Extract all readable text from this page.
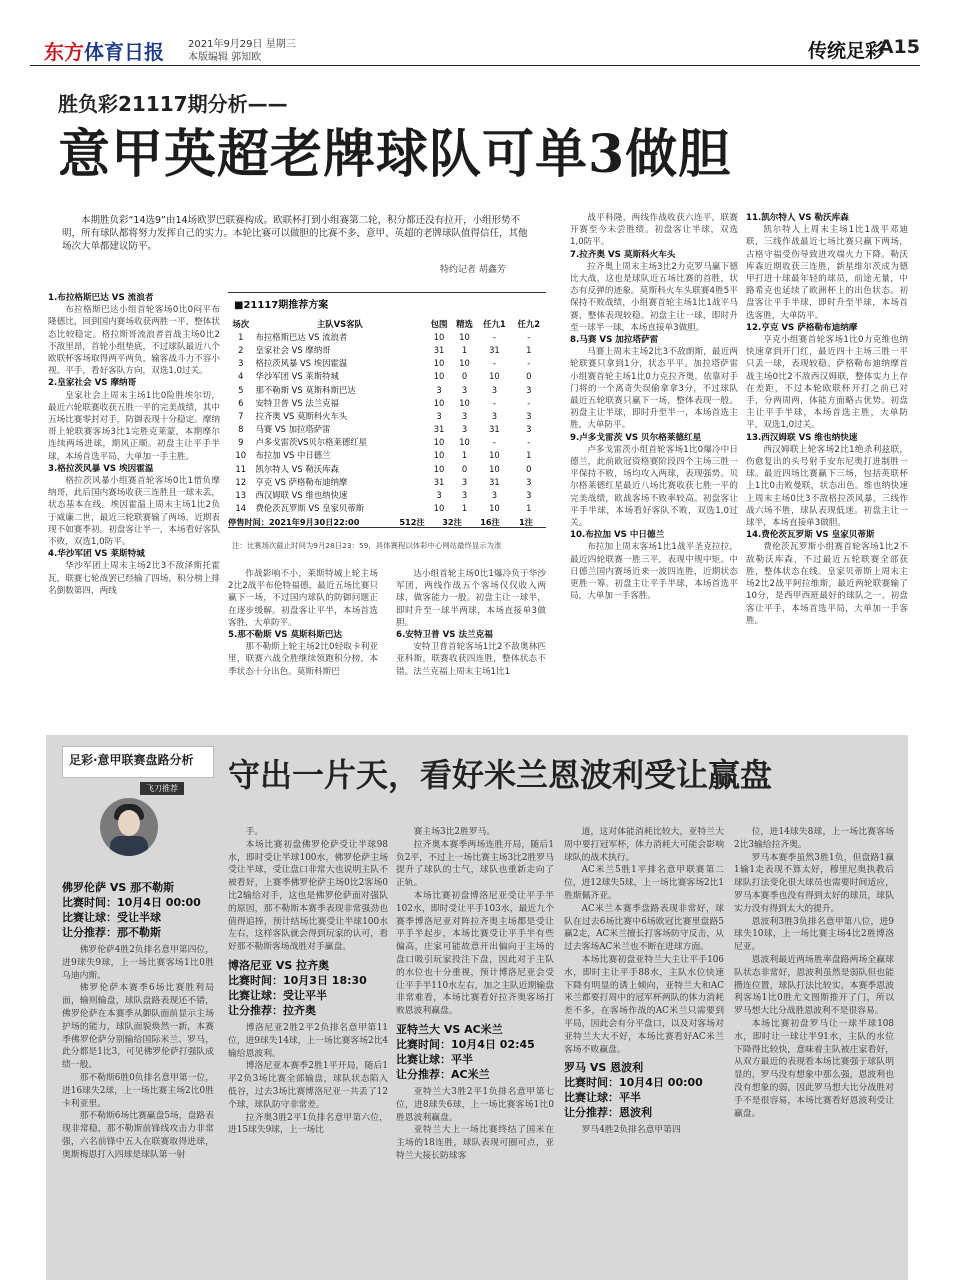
东方体育日报 2021年9月29日 星期三
本版编辑 郭知欧	传统足彩
A15
胜负彩21117期分析——
意甲英超老牌球队可单3做胆
本期胜负彩“14选9”由14场欧罗巴联赛构成。欧联杯打到小组赛第二轮，积分都还没有拉开，小组形势不明，所有球队都将努力发挥自己的实力。本轮比赛可以做胆的比赛不多，意甲、英超的老牌球队值得信任，其他场次大单都建议防平。
特约记者 胡鑫芳
1.布拉格斯巴达 VS 流浪者

布拉格斯巴达小组首轮客场0比0闷平布隆德比，回到国内赛场收获两胜一平，整体状态比较稳定。格拉斯哥流浪者首战主场0比2不敌里昂，首轮小组垫底，不过球队最近八个欧联杯客场取得两平两负，输客战斗力不容小视。平手，看好客队方向，双选1,0过关。

2.皇家社会 VS 摩纳哥

皇家社会上周末主场1比0险胜埃尔切，最近六轮联赛收获五胜一平的完美战绩，其中五场比赛零封对手，防御表现十分稳定。摩纳哥上轮联赛客场3比1完胜克莱蒙，本期摩尔连续两场进球，期风正顺。初盘主让平手半球，本场首选平局，大单加一手主胜。

3.格拉茨风暴 VS 埃因霍温

格拉茨风暴小组赛首轮客场0比1惜负摩纳哥，此后国内赛场收获三连胜且一球未丢，状态基本在线。埃因霍温上周末主场1比2负于威廉二世，最近三轮联赛输了两场，近期表现不如赛季初。初盘客让半一，本场看好客队不败，双选1,0防平。

4.华沙军团 VS 莱斯特城

华沙军团上周末主场2比3不敌泽斯托霍瓦，联赛七轮战罢已经输了四场，积分榜上排名倒数第四，两线

作战影响不小，莱斯特城上轮主场2比2战平布伦特福德，最近五场比赛只赢下一场，不过国内球队的防御问题正在逐步缓解。初盘客让平半，本场首选客胜，大单防平。

5.那不勒斯 VS 莫斯科斯巴达

那不勒斯上轮主场2比0轻取卡利亚里，联赛六战全胜继续领跑积分榜，本季状态十分出色。莫斯科斯巴

达小组首轮主场0比1爆冷负于华沙军团，两线作战五个客场仅仅收入两球，做客能力一般。初盘主让一球半，即时升至一球半两球，本场直接单3做胆。

6.安特卫普 VS 法兰克福

安特卫普首轮客场1比2不敌奥林匹亚科斯，联赛收获四连胜，整体状态不错。法兰克福上周末主场1比1

战平科隆，两线作战收获六连平，联赛开赛至今未尝胜绩。初盘客让半球，双选1,0防平。

7.拉齐奥 VS 莫斯科火车头

拉齐奥上周末主场3比2力克罗马赢下德比大战，这也是球队近五场比赛的首胜，状态有反弹的迹象。莫斯科火车头联赛4胜5平保持不败战绩，小组赛首轮主场1比1战平马赛，整体表现较稳。初盘主让一球，即时升至一球半一球，本场直接单3做胆。

8.马赛 VS 加拉塔萨雷

马赛上周末主场2比3不敌朗斯，最近两轮联赛只拿到1分，状态平平。加拉塔萨雷小组赛首轮主场1比0力克拉齐奥，依靠对手门将的一个离奇失误偷拿拿3分，不过球队最近五轮联赛只赢下一场，整体表现一般。初盘主让半球，即时升至半一，本场首选主胜，大单防平。

9.卢多戈雷茨 VS 贝尔格莱德红星

卢多戈雷茨小组首轮客场1比0爆冷中日德兰，此前欧冠资格赛阶段四个主场三胜一平保持不败，场均攻入两球，表现强势。贝尔格莱德红星最近八场比赛收获七胜一平的完美战绩，欧战客场不败率较高。初盘客让平手半球，本场看好客队不败，双选1,0过关。

10.布拉加 VS 中日德兰

布拉加上周末客场1比1战平圣克拉拉，最近四轮联赛一胜三平，表现中规中矩。中日德兰国内赛场近来一波四连胜，近期状态更胜一筹。初盘主让平手半球，本场首选平局，大单加一手客胜。

11.凯尔特人 VS 勒沃库森

凯尔特人上周末主场1比1战平邓迪联，三线作战最近七场比赛只赢下两场，古格守福受伤导致进攻端火力下降。勒沃库森近期收获三连胜，新星维尔茨成为德甲打进十球最年轻的球员，前途无量，中路希克也延续了欧洲杯上的出色状态。初盘客让平手半球，即时升至半球，本场首选客胜，大单防平。

12.亨克 VS 萨格勒布迪纳摩

亨克小组赛首轮客场1比0力克维也纳快速拿到开门红，最近四十主场三胜一平只丢一球，表现较稳。萨格勒布迪纳摩首战主场0比2不敌西汉姆联，整体实力上存在差距，不过本轮欧联杯开打之前已对手，分两周两，体能方面略占优势。初盘主让平手半球，本场首选主胜，大单防平，双选1,0过关。

13.西汉姆联 VS 维也纳快速

西汉姆联上轮客场2比1绝杀利兹联，伤愈复出的头号射手安东尼奥打进制胜一球。最近四场比赛赢下三场，包括英联杯上1比0击败曼联，状态出色。维也纳快速上周末主场0比3不敌格拉茨风暴，三线作战六场不胜，球队表现低迷。初盘主让一球半，本场直接单3做胆。

14.费伦茨瓦罗斯 VS 皇家贝蒂斯

费伦茨瓦罗斯小组赛首轮客场1比2不敌勒沃库森，不过最近五轮联赛全部获胜，整体状态在线。皇家贝蒂斯上周末主场2比2战平阿拉维斯，最近两轮联赛输了10分，是西甲西班最好的球队之一。初盘客让平手，本场首选平局，大单加一手客胜。

■21117期推荐方案
场次	主队VS客队	包围	精选	任九1	任九2
1	布拉格斯巴达 VS 流浪者	10	10	-	-
2	皇家社会 VS 摩纳哥	31	1	31	1
3	格拉茨风暴 VS 埃因霍温	10	10	-	-
4	华沙军团 VS 莱斯特城	10	0	10	0
5	那不勒斯 VS 莫斯科斯巴达	3	3	3	3
6	安特卫普 VS 法兰克福	10	10	-	-
7	拉齐奥 VS 莫斯科火车头	3	3	3	3
8	马赛 VS 加拉塔萨雷	31	3	31	3
9	卢多戈雷茨VS贝尔格莱德红星	10	10	-	-
10	布拉加 VS 中日德兰	10	1	10	1
11	凯尔特人 VS 勒沃库森	10	0	10	0
12	亨克 VS 萨格勒布迪纳摩	31	3	31	3
13	西汉姆联 VS 维也纳快速	3	3	3	3
14	费伦茨瓦罗斯 VS 皇家贝蒂斯	10	1	10	1
停售时间：2021年9月30日22:00	512注	32注	16注	1注
注：比赛场次截止时间为9月28日23：59，具体赛程以体彩中心网站最终显示为准
足彩·意甲联赛盘路分析
飞刀推荐 守出一片天，看好米兰恩波利受让赢盘
佛罗伦萨 VS 那不勒斯
比赛时间：10月4日 00:00
比赛让球：受让半球
让分推荐：那不勒斯

佛罗伦萨4胜2负排名意甲第四位，进9球失9球，上一场比赛客场1比0胜乌迪内斯。

佛罗伦萨本赛季6场比赛胜利局面，输则输盘，球队盘路表现还不错，佛罗伦萨在本赛季从御队面前显示主场护场的能力，球队面貌焕然一新，本赛季佛罗伦萨分别输给国际米兰、罗马，此分都是1比3，可见佛罗伦萨打强队成绩一般。

那不勒斯6胜0负排名意甲第一位，进16球失2球，上一场比赛主场2比0胜卡利亚里。

那不勒斯6场比赛赢盘5场，盘路表现非常稳，那不勒斯前锋线攻击力非常强，六名前锋中五人在联赛取得进球，奥斯梅恩打入四球是球队第一射

手。

本场比赛初盘佛罗伦萨受让半球98水，即时受让半球100水，佛罗伦萨主场受让半球，受让盘口非常大也说明主队不被看好，上赛季佛罗伦萨主场0比2客场0比2输给对手，这也是佛罗伦萨面对强队的原因，那不勒斯本赛季表现非常强劲也值得追捧，预计结场比赛受让半球100水左右，这样客队就会得到玩家的认可，看好那不勒斯客场战胜对手赢盘。

博洛尼亚 VS 拉齐奥
比赛时间：10月3日 18:30
比赛让球：受让平半
让分推荐：拉齐奥

博洛尼亚2胜2平2负排名意甲第11位，进9球失14球，上一场比赛客场2比4输给恩波利。

博洛尼亚本赛季2胜1平开局，随后1平2负3场比赛全部输盘，球队状态陷入低谷，过去3场比赛博洛尼亚一共丢了12个球，球队防守非常差。

拉齐奥3胜2平1负排名意甲第六位，进15球失9球，上一场比

赛主场3比2胜罗马。

拉齐奥本赛季两场连胜开局，随后1负2平，不过上一场比赛主场3比2胜罗马提升了球队的士气，球队也重新走向了正轨。

本场比赛初盘博洛尼亚受让平手半102水，即时受让平手103水，最近九个赛季博洛尼亚对阵拉齐奥主场都是受让平手半起步，本场比赛受让平手半有些偏高，庄家可能故意开出偏向于主场的盘口吸引玩家投注下盘，因此对于主队的水位也十分重视，预计博洛尼亚会受让平手半110水左右，加之主队近期输盘非常难看，本场比赛看好拉齐奥客场打败恩波利赢盘。

亚特兰大 VS AC米兰
比赛时间：10月4日 02:45
比赛让球：平半
让分推荐：AC米兰

亚特兰大3胜2平1负排名意甲第七位，进8球失6球，上一场比赛客场1比0胜恩波利赢盘。

亚特兰大上一场比赛终结了国米在主场的18连胜，球队表现可圈可点，亚特兰大接长防球客

道，这对体能消耗比较大，亚特兰大周中要打冠军杯，体力消耗大可能会影响球队的战术执行。

AC米兰5胜1平排名意甲联赛第二位，进12球失5球，上一场比赛客场2比1胜斯佩齐亚。

AC米兰本赛季盘路表现非常好，球队在过去6场比赛中6场欧冠比赛里盘路5赢2走，AC米兰擅长打客场防守反击，从过去客场AC米兰也不断在进球方面。

本场比赛初盘亚特兰大主让平手106水，即时主让平手88水，主队水位快速下降有明显的诱上倾向，亚特兰大和AC米兰都要打周中的冠军杯两队的体力消耗差不多，在客场作战的AC米兰只需要到平局，因此会有分平盘口，以及对客场对亚特兰大大不好，本场比赛看好AC米兰客场不败赢盘。

罗马 VS 恩波利
比赛时间：10月4日 00:00
比赛让球：平半
让分推荐：恩波利

罗马4胜2负排名意甲第四

位，进14球失8球，上一场比赛客场2比3输给拉齐奥。

罗马本赛季虽然3胜1负，但盘路1赢1输1走表现不算太好，穆里尼奥执教后球队打法变化很大球员也需要时间适应，罗马本赛季也没有得到太好的球员，球队实力没有得到太大的提升。

恩波利3胜3负排名意甲第八位，进9球失10球，上一场比赛主场4比2胜博洛尼亚。

恩波利最近两场胜率盘路两场全赢球队状态非常好，恩波利虽然是弱队但也能攒连位置，球队打法比较实，本赛季恩波利客场1比0胜尤文图斯推开了门，所以罗马想大比分战胜恩波利不是很容易。

本场比赛初盘罗马让一球半球108水，即时让一球让半91水，主队的水位下降得比较快，意味着主队被庄家看好，从双方最近的表现看本场比赛强于球队明显的，罗马没有想象中那么强，恩波利也没有想象的弱，因此罗马想大比分战胜对手不是很容易，本场比赛看好恩波利受让赢盘。
